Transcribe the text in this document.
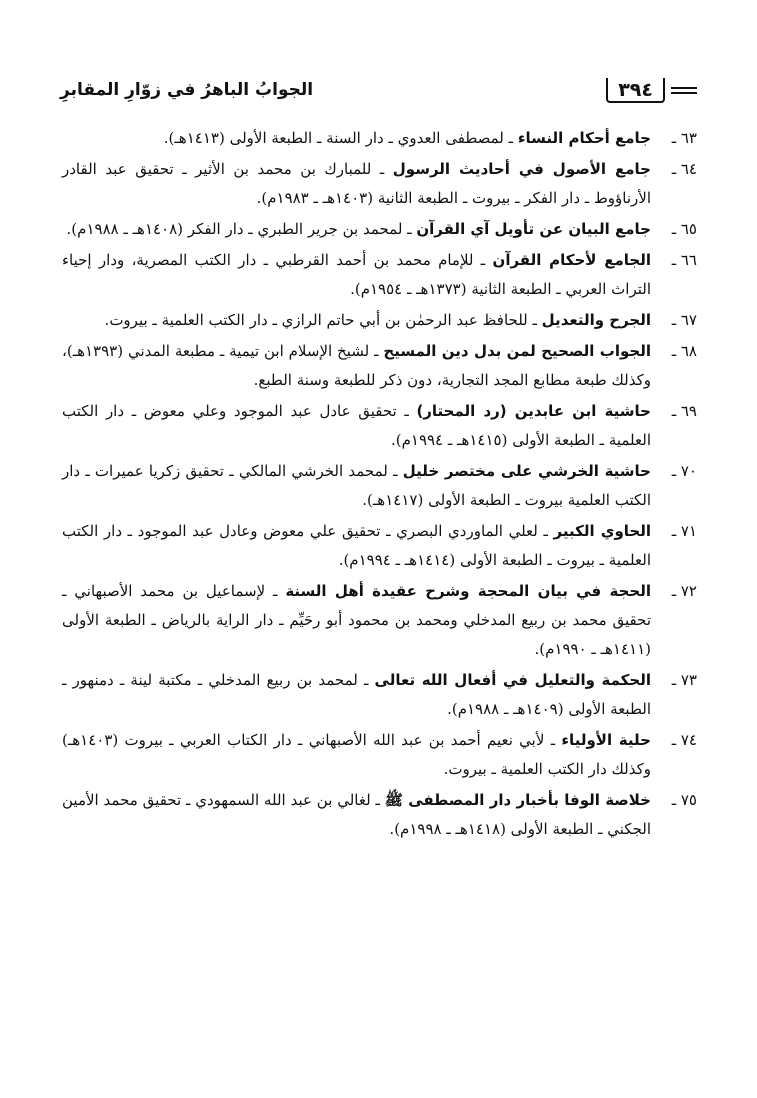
٣٩٤
الجوابُ الباهرُ في زوّارِ المقابرِ
٦٣ ـ
جامع أحكام النساء ـ لمصطفى العدوي ـ دار السنة ـ الطبعة الأولى (١٤١٣هـ).
٦٤ ـ
جامع الأصول في أحاديث الرسول ـ للمبارك بن محمد بن الأثير ـ تحقيق عبد القادر الأرناؤوط ـ دار الفكر ـ بيروت ـ الطبعة الثانية (١٤٠٣هـ ـ ١٩٨٣م).
٦٥ ـ
جامع البيان عن تأويل آي القرآن ـ لمحمد بن جرير الطبري ـ دار الفكر (١٤٠٨هـ ـ ١٩٨٨م).
٦٦ ـ
الجامع لأحكام القرآن ـ للإمام محمد بن أحمد القرطبي ـ دار الكتب المصرية، ودار إحياء التراث العربي ـ الطبعة الثانية (١٣٧٣هـ ـ ١٩٥٤م).
٦٧ ـ
الجرح والتعديل ـ للحافظ عبد الرحمٰن بن أبي حاتم الرازي ـ دار الكتب العلمية ـ بيروت.
٦٨ ـ
الجواب الصحيح لمن بدل دين المسيح ـ لشيخ الإسلام ابن تيمية ـ مطبعة المدني (١٣٩٣هـ)، وكذلك طبعة مطابع المجد التجارية، دون ذكر للطبعة وسنة الطبع.
٦٩ ـ
حاشية ابن عابدين (رد المحتار) ـ تحقيق عادل عبد الموجود وعلي معوض ـ دار الكتب العلمية ـ الطبعة الأولى (١٤١٥هـ ـ ١٩٩٤م).
٧٠ ـ
حاشية الخرشي على مختصر خليل ـ لمحمد الخرشي المالكي ـ تحقيق زكريا عميرات ـ دار الكتب العلمية بيروت ـ الطبعة الأولى (١٤١٧هـ).
٧١ ـ
الحاوي الكبير ـ لعلي الماوردي البصري ـ تحقيق علي معوض وعادل عبد الموجود ـ دار الكتب العلمية ـ بيروت ـ الطبعة الأولى (١٤١٤هـ ـ ١٩٩٤م).
٧٢ ـ
الحجة في بيان المحجة وشرح عقيدة أهل السنة ـ لإسماعيل بن محمد الأصبهاني ـ تحقيق محمد بن ربيع المدخلي ومحمد بن محمود أبو رحَيِّم ـ دار الراية بالرياض ـ الطبعة الأولى (١٤١١هـ ـ ١٩٩٠م).
٧٣ ـ
الحكمة والتعليل في أفعال الله تعالى ـ لمحمد بن ربيع المدخلي ـ مكتبة لينة ـ دمنهور ـ الطبعة الأولى (١٤٠٩هـ ـ ١٩٨٨م).
٧٤ ـ
حلية الأولياء ـ لأبي نعيم أحمد بن عبد الله الأصبهاني ـ دار الكتاب العربي ـ بيروت (١٤٠٣هـ) وكذلك دار الكتب العلمية ـ بيروت.
٧٥ ـ
خلاصة الوفا بأخبار دار المصطفى ﷺ ـ لغالي بن عبد الله السمهودي ـ تحقيق محمد الأمين الجكني ـ الطبعة الأولى (١٤١٨هـ ـ ١٩٩٨م).
